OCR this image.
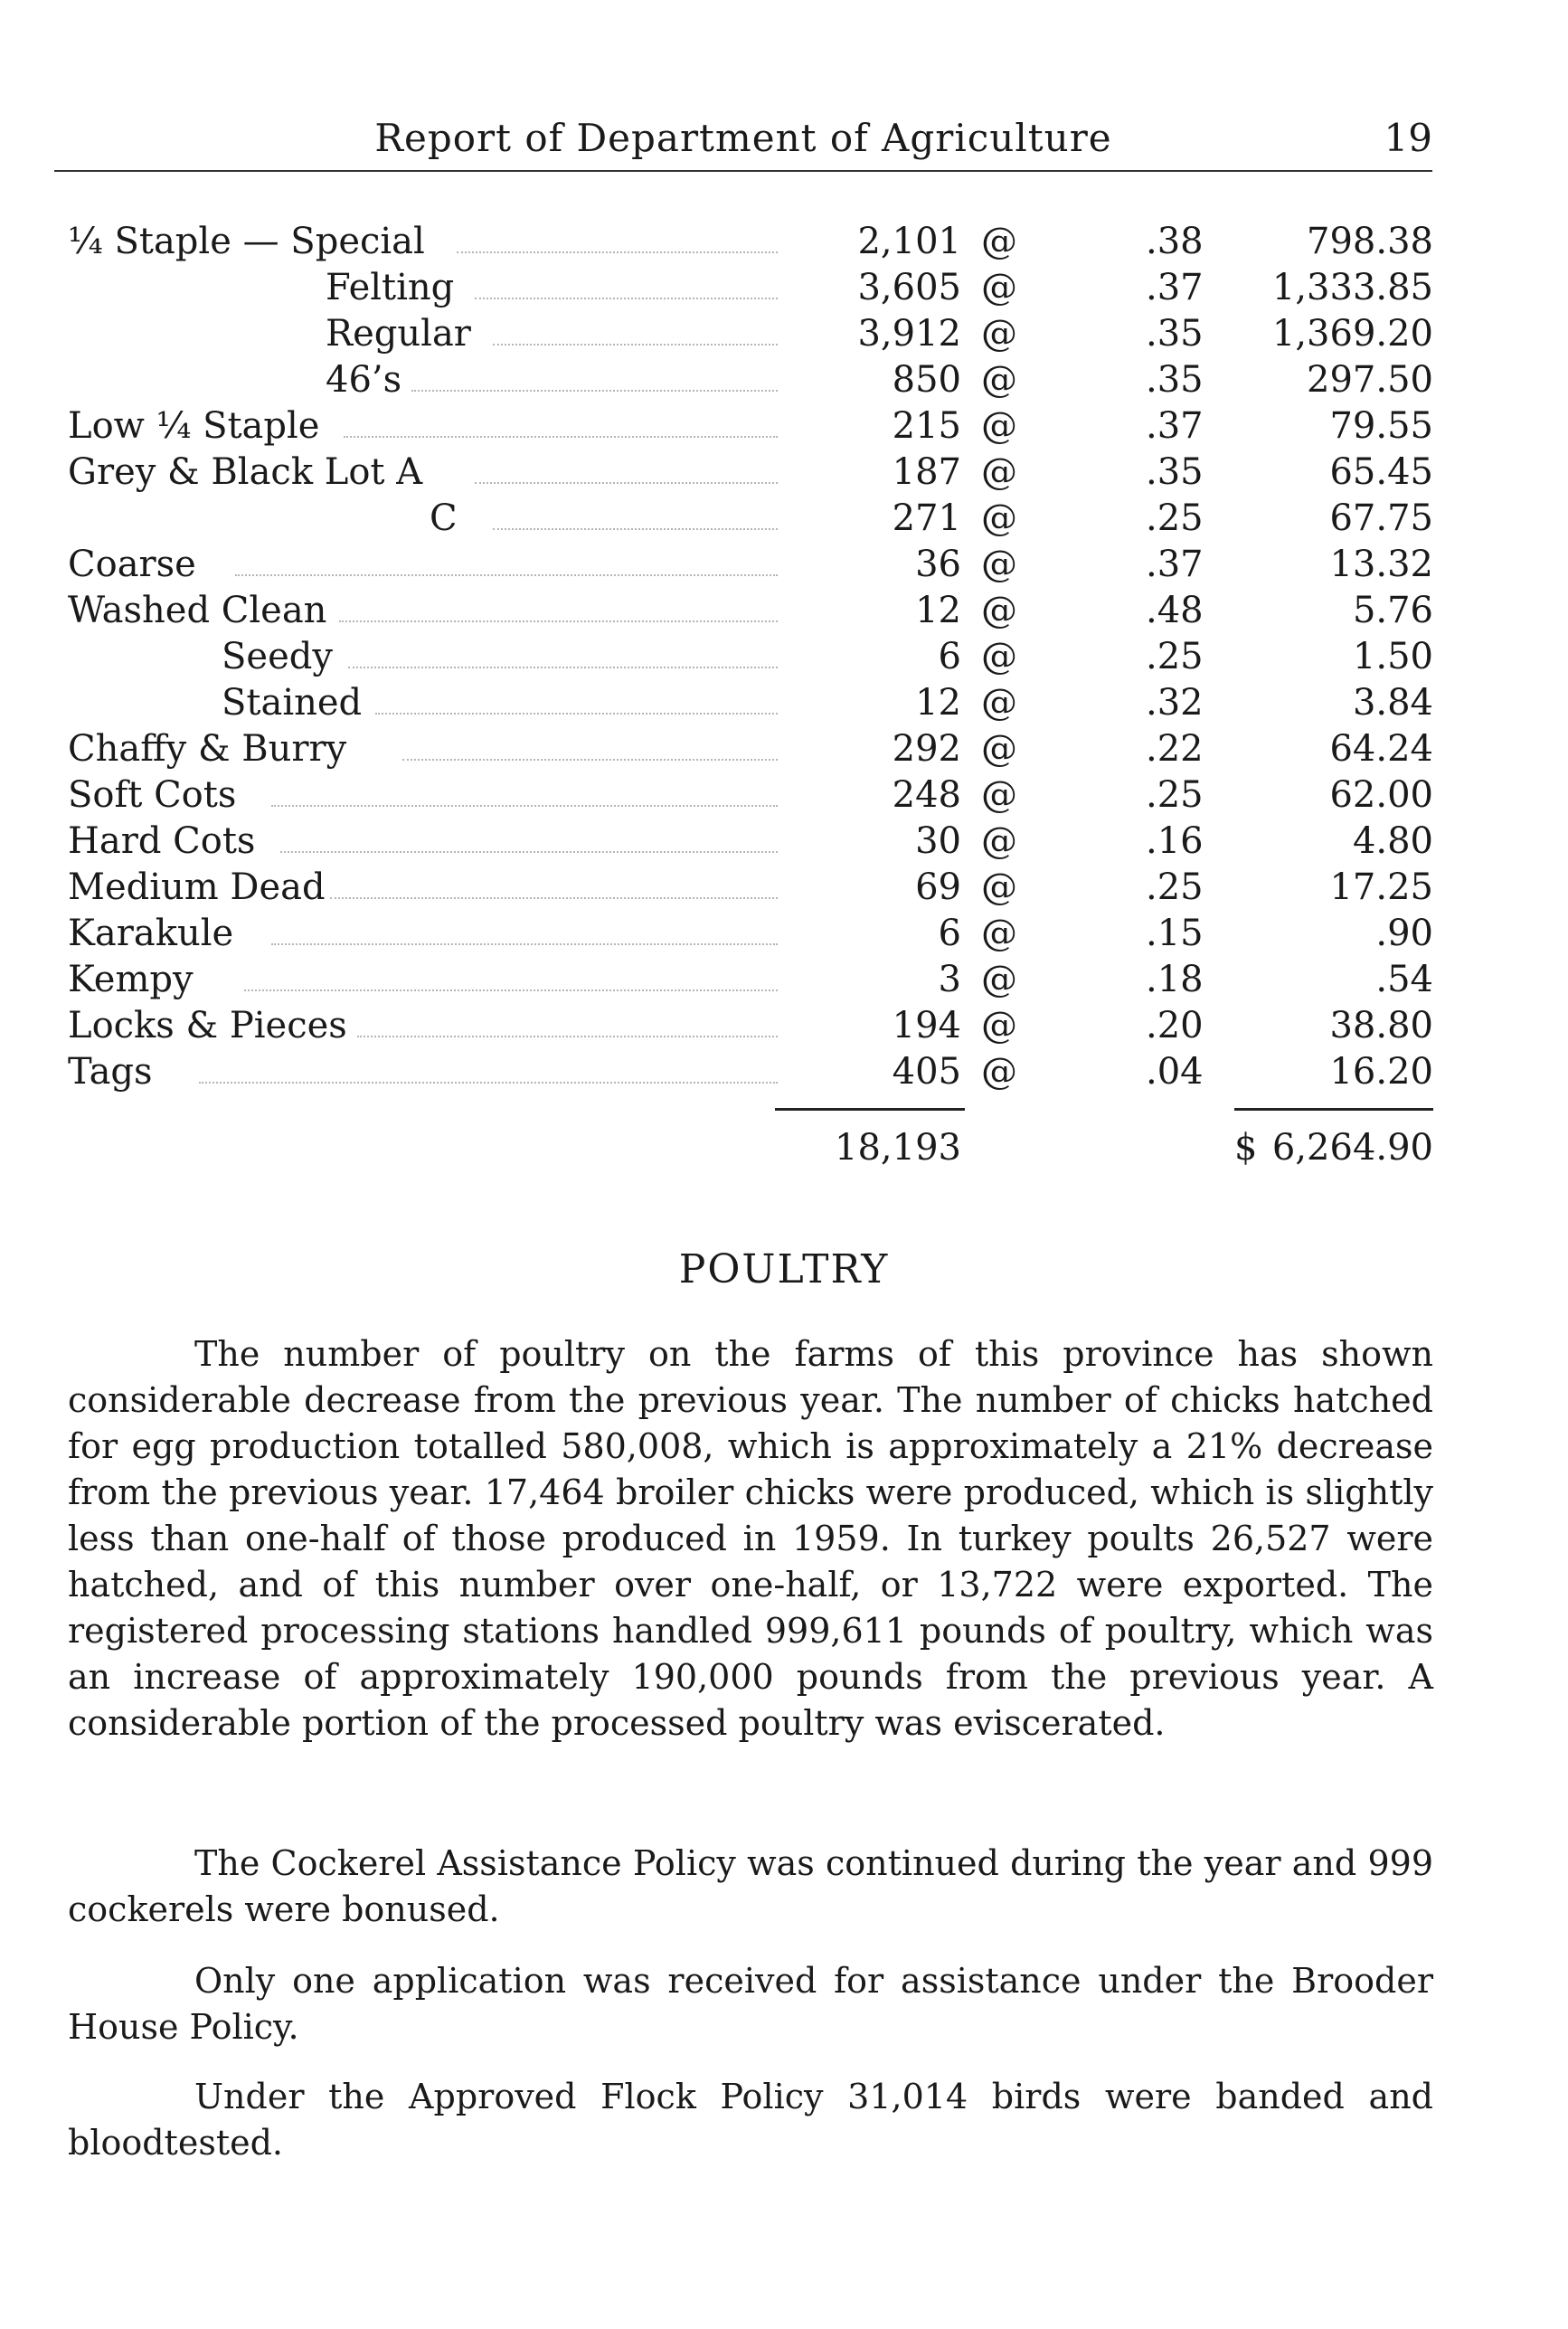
Report of Department of Agriculture	19
¼ Staple — Special	2,101 @	.38	798.38
Felting	3,605 @	.37 1,333.85
Regular	3,912 @	.35 1,369.20
46’s	850 @	.35	297.50
Low ¼ Staple	215 @	.37	79.55
Grey & Black Lot A	187 @	.35	65.45
C	271 @	.25	67.75
Coarse	36 @	.37	13.32
Washed Clean	12 @	.48	5.76
Seedy	6 @	.25	1.50
Stained	12 @	.32	3.84
Chaffy & Burry	292 @	.22	64.24
Soft Cots	248 @	.25	62.00
Hard Cots	30 @	.16	4.80
Medium Dead	69 @	.25	17.25
Karakule	6 @	.15	.90
Kempy	3 @	.18	.54
Locks & Pieces	194 @	.20	38.80
Tags	405 @	.04	16.20
18,193	$ 6,264.90
POULTRY

The number of poultry on the farms of this province has shown considerable decrease from the previous year. The number of chicks hatched for egg production totalled 580,008, which is approximately a 21% decrease from the previous year. 17,464 broiler chicks were produced, which is slightly less than one-half of those produced in 1959. In turkey poults 26,527 were hatched, and of this number over one-half, or 13,722 were exported. The registered processing stations handled 999,611 pounds of poultry, which was an increase of approximately 190,000 pounds from the previous year. A considerable portion of the processed poultry was eviscerated.

The Cockerel Assistance Policy was continued during the year and 999 cockerels were bonused.

Only one application was received for assistance under the Brooder House Policy.

Under the Approved Flock Policy 31,014 birds were banded and bloodtested.
